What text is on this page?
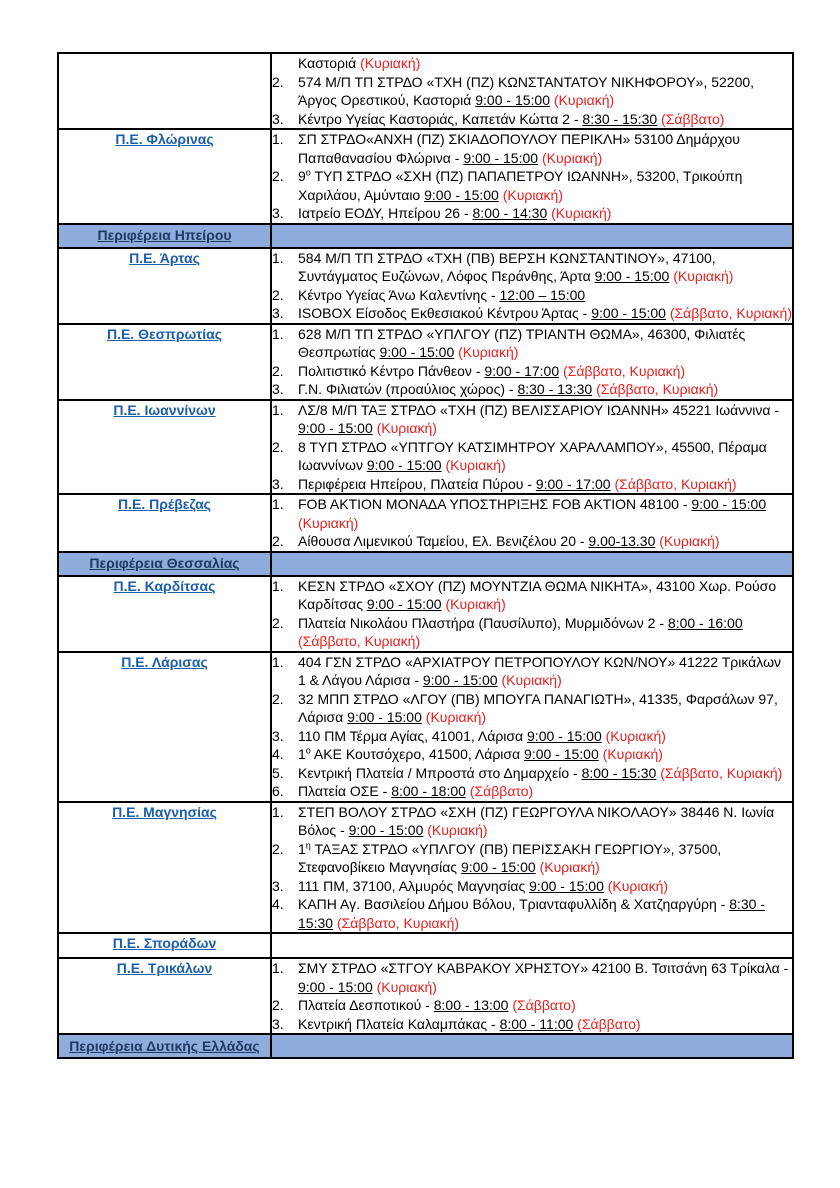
	Καστοριά (Κυριακή)
2. 574 Μ/Π ΤΠ ΣΤΡΔΟ «ΤΧΗ (ΠΖ) ΚΩΝΣΤΑΝΤΑΤΟΥ ΝΙΚΗΦΟΡΟΥ», 52200, Άργος Ορεστικού, Καστοριά 9:00 - 15:00 (Κυριακή)
3. Κέντρο Υγείας Καστοριάς, Καπετάν Κώττα 2 - 8:30 - 15:30 (Σάββατο)

Π.Ε. Φλώρινας	1.	ΣΠ ΣΤΡΔΟ«ΑΝΧΗ (ΠΖ) ΣΚΙΑΔΟΠΟΥΛΟΥ ΠΕΡΙΚΛΗ» 53100 Δημάρχου Παπαθανασίου Φλώρινα - 9:00 - 15:00 (Κυριακή)
2.	$9^o$ ΤΥΠ ΣΤΡΔΟ «ΣΧΗ (ΠΖ) ΠΑΠΑΠΕΤΡΟΥ ΙΩΑΝΝΗ», 53200, Τρικούπη Χαριλάου, Αμύνταιο 9:00 - 15:00 (Κυριακή)
3.	Ιατρείο ΕΟΔΥ, Ηπείρου 26 - 8:00 - 14:30 (Κυριακή)

Περιφέρεια Ηπείρου	

Π.Ε. Άρτας	1.	584 Μ/Π ΤΠ ΣΤΡΔΟ «ΤΧΗ (ΠΒ) ΒΕΡΣΗ ΚΩΝΣΤΑΝΤΙΝΟΥ», 47100, Συντάγματος Ευζώνων, Λόφος Περάνθης, Άρτα 9:00 - 15:00 (Κυριακή)
2.	Κέντρο Υγείας Άνω Καλεντίνης - 12:00 – 15:00
3.	ISOBOX Είσοδος Εκθεσιακού Κέντρου Άρτας - 9:00 - 15:00 (Σάββατο, Κυριακή)

Π.Ε. Θεσπρωτίας	1.	628 Μ/Π ΤΠ ΣΤΡΔΟ «ΥΠΛΓΟΥ (ΠΖ) ΤΡΙΑΝΤΗ ΘΩΜΑ», 46300, Φιλιατές Θεσπρωτίας 9:00 - 15:00 (Κυριακή)
2.	Πολιτιστικό Κέντρο Πάνθεον - 9:00 - 17:00 (Σάββατο, Κυριακή)
3.	Γ.Ν. Φιλιατών (προαύλιος χώρος) - 8:30 - 13:30 (Σάββατο, Κυριακή)

Π.Ε. Ιωαννίνων	1.	ΛΣ/8 Μ/Π ΤΑΞ ΣΤΡΔΟ «ΤΧΗ (ΠΖ) ΒΕΛΙΣΣΑΡΙΟΥ ΙΩΑΝΝΗ» 45221 Ιωάννινα - 9:00 - 15:00 (Κυριακή)
2.	8 ΤΥΠ ΣΤΡΔΟ «ΥΠΤΓΟΥ ΚΑΤΣΙΜΗΤΡΟΥ ΧΑΡΑΛΑΜΠΟΥ», 45500, Πέραμα Ιωαννίνων 9:00 - 15:00 (Κυριακή)
3.	Περιφέρεια Ηπείρου, Πλατεία Πύρου - 9:00 - 17:00 (Σάββατο, Κυριακή)

Π.Ε. Πρέβεζας	1. FOB AKTION ΜΟΝΑΔΑ ΥΠΟΣΤΗΡΙΞΗΣ FOB AKTION 48100 - 9:00 - 15:00 (Κυριακή)
2. Αίθουσα Λιμενικού Ταμείου, Ελ. Βενιζέλου 20 - 9.00-13.30 (Κυριακή)

Περιφέρεια Θεσσαλίας	

Π.Ε. Καρδίτσας	1. ΚΕΣΝ ΣΤΡΔΟ «ΣΧΟΥ (ΠΖ) ΜΟΥΝΤΖΙΑ ΘΩΜΑ ΝΙΚΗΤΑ», 43100 Χωρ. Ρούσο Καρδίτσας 9:00 - 15:00 (Κυριακή)
2. Πλατεία Νικολάου Πλαστήρα (Παυσίλυπο), Μυρμιδόνων 2 - 8:00 - 16:00 (Σάββατο, Κυριακή)

Π.Ε. Λάρισας	1.	404 ΓΣΝ ΣΤΡΔΟ «ΑΡΧΙΑΤΡΟΥ ΠΕΤΡΟΠΟΥΛΟΥ ΚΩΝ/ΝΟΥ» 41222 Τρικάλων 1 & Λάγου Λάρισα - 9:00 - 15:00 (Κυριακή)
2.	32 ΜΠΠ ΣΤΡΔΟ «ΛΓΟΥ (ΠΒ) ΜΠΟΥΓΑ ΠΑΝΑΓΙΩΤΗ», 41335, Φαρσάλων 97, Λάρισα 9:00 - 15:00 (Κυριακή)
3.	110 ΠΜ Τέρμα Αγίας, 41001, Λάρισα 9:00 - 15:00 (Κυριακή)
4.	$1^o$ ΑΚΕ Κουτσόχερο, 41500, Λάρισα 9:00 - 15:00 (Κυριακή)
5.	Κεντρική Πλατεία / Μπροστά στο Δημαρχείο - 8:00 - 15:30 (Σάββατο, Κυριακή)
6.	Πλατεία ΟΣΕ - 8:00 - 18:00 (Σάββατο)

Π.Ε. Μαγνησίας	1.	ΣΤΕΠ ΒΟΛΟΥ ΣΤΡΔΟ «ΣΧΗ (ΠΖ) ΓΕΩΡΓΟΥΛΑ ΝΙΚΟΛΑΟΥ» 38446 Ν. Ιωνία Βόλος - 9:00 - 15:00 (Κυριακή)
2.	$1^\eta$ ΤΑΞΑΣ ΣΤΡΔΟ «ΥΠΛΓΟΥ (ΠΒ) ΠΕΡΙΣΣΑΚΗ ΓΕΩΡΓΙΟΥ», 37500, Στεφανοβίκειο Μαγνησίας 9:00 - 15:00 (Κυριακή)
3.	111 ΠΜ, 37100, Αλμυρός Μαγνησίας 9:00 - 15:00 (Κυριακή)
4.	ΚΑΠΗ Αγ. Βασιλείου Δήμου Βόλου, Τριανταφυλλίδη & Χατζηαργύρη - 8:30 - 15:30 (Σάββατο, Κυριακή)

Π.Ε. Σποράδων	
Π.Ε. Τρικάλων	1.	ΣΜΥ ΣΤΡΔΟ «ΣΤΓΟΥ ΚΑΒΡΑΚΟΥ ΧΡΗΣΤΟΥ» 42100 Β. Τσιτσάνη 63 Τρίκαλα - 9:00 - 15:00 (Κυριακή)
2.	Πλατεία Δεσποτικού - 8:00 - 13:00 (Σάββατο)
3.	Κεντρική Πλατεία Καλαμπάκας - 8:00 - 11:00 (Σάββατο)

Περιφέρεια Δυτικής Ελλάδας	
